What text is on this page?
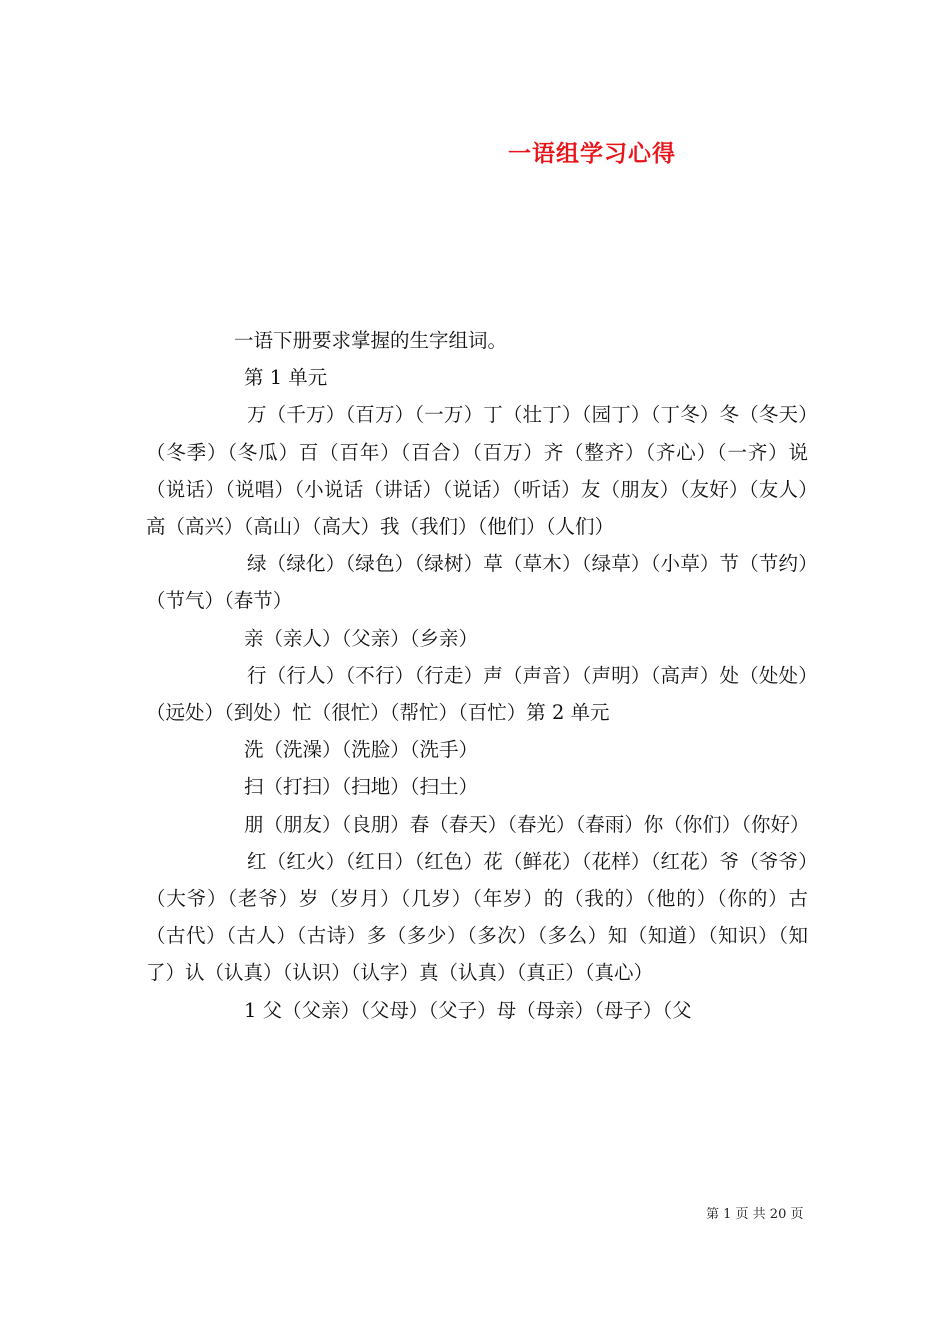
一语组学习心得

一语下册要求掌握的生字组词。

第 1 单元

万（千万）（百万）（一万）丁（壮丁）（园丁）（丁冬）冬（冬天）（冬季）（冬瓜）百（百年）（百合）（百万）齐（整齐）（齐心）（一齐）说（说话）（说唱）（小说话（讲话）（说话）（听话）友（朋友）（友好）（友人）高（高兴）（高山）（高大）我（我们）（他们）（人们）

绿（绿化）（绿色）（绿树）草（草木）（绿草）（小草）节（节约）（节气）（春节）

亲（亲人）（父亲）（乡亲）

行（行人）（不行）（行走）声（声音）（声明）（高声）处（处处）（远处）（到处）忙（很忙）（帮忙）（百忙）第 2 单元

洗（洗澡）（洗脸）（洗手）

扫（打扫）（扫地）（扫土）

朋（朋友）（良朋）春（春天）（春光）（春雨）你（你们）（你好）

红（红火）（红日）（红色）花（鲜花）（花样）（红花）爷（爷爷）（大爷）（老爷）岁（岁月）（几岁）（年岁）的（我的）（他的）（你的）古（古代）（古人）（古诗）多（多少）（多次）（多么）知（知道）（知识）（知了）认（认真）（认识）（认字）真（认真）（真正）（真心）

1 父（父亲）（父母）（父子）母（母亲）（母子）（父

第 1 页 共 20 页
